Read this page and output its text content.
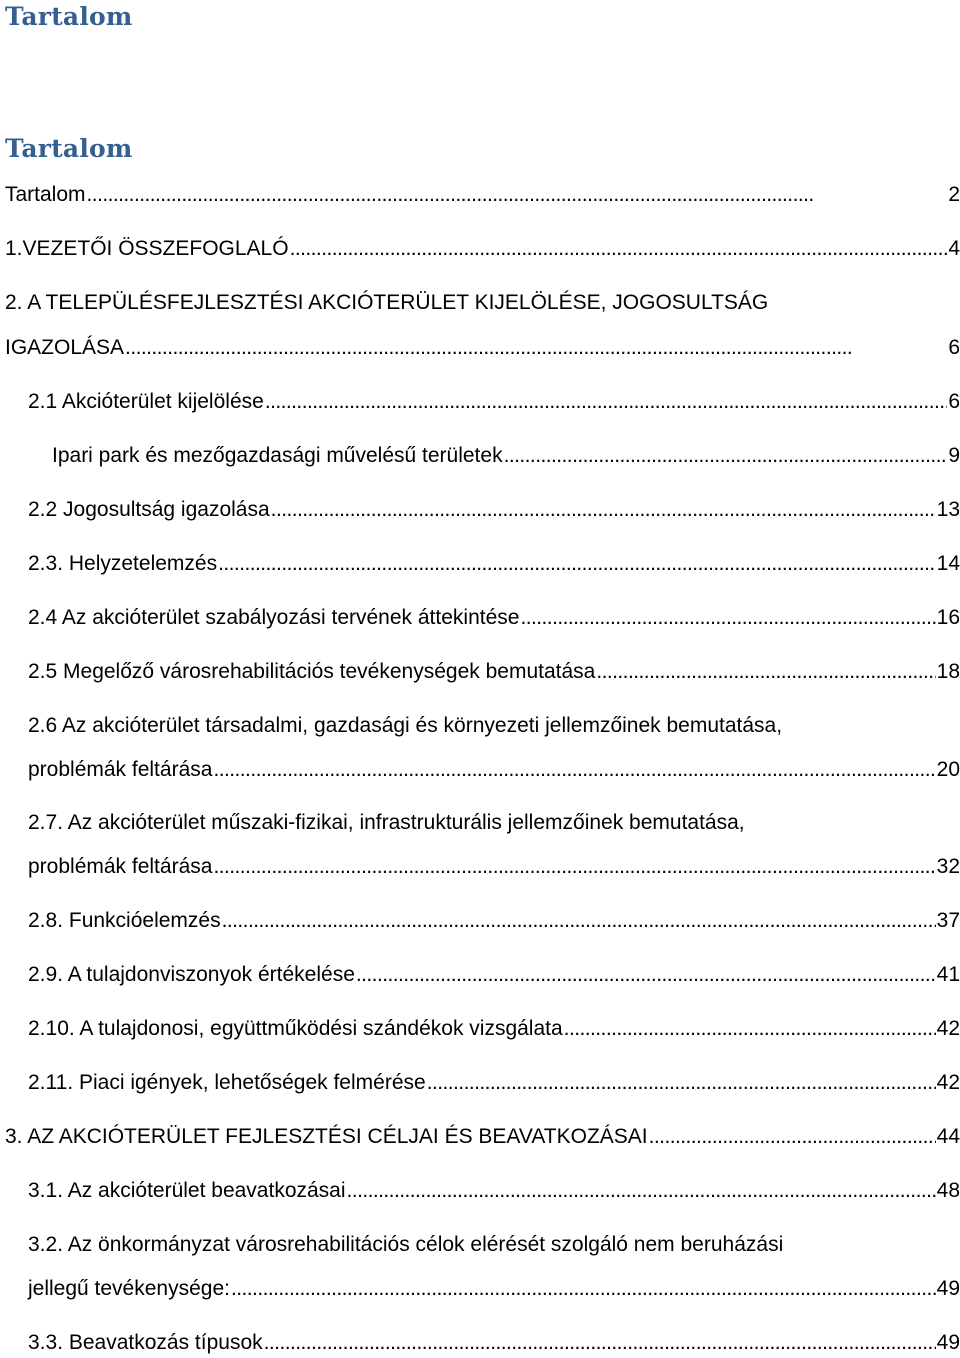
Tartalom
Tartalom
Tartalom . . .	2
1.VEZETŐI ÖSSZEFOGLALÓ . . .	4
2. A TELEPÜLÉSFEJLESZTÉSI AKCIÓTERÜLET KIJELÖLÉSE, JOGOSULTSÁG
IGAZOLÁSA . . .	6
2.1 Akcióterület kijelölése . . .	6
Ipari park és mezőgazdasági művelésű területek . . .	9
2.2 Jogosultság igazolása . . .	13
2.3. Helyzetelemzés . . .	14
2.4 Az akcióterület szabályozási tervének áttekintése . . .	16
2.5 Megelőző városrehabilitációs tevékenységek bemutatása . . .	18
2.6 Az akcióterület társadalmi, gazdasági és környezeti jellemzőinek bemutatása,
problémák feltárása . . .	20
2.7. Az akcióterület műszaki-fizikai, infrastrukturális jellemzőinek bemutatása,
problémák feltárása . . .	32
2.8. Funkcióelemzés . . .	37
2.9. A tulajdonviszonyok értékelése . . .	41
2.10. A tulajdonosi, együttműködési szándékok vizsgálata . . .	42
2.11. Piaci igények, lehetőségek felmérése . . .	42
3. AZ AKCIÓTERÜLET FEJLESZTÉSI CÉLJAI ÉS BEAVATKOZÁSAI . . .	44
3.1. Az akcióterület beavatkozásai . . .	48
3.2. Az önkormányzat városrehabilitációs célok elérését szolgáló nem beruházási
jellegű tevékenysége: . . .	49
3.3. Beavatkozás típusok . . .	49
